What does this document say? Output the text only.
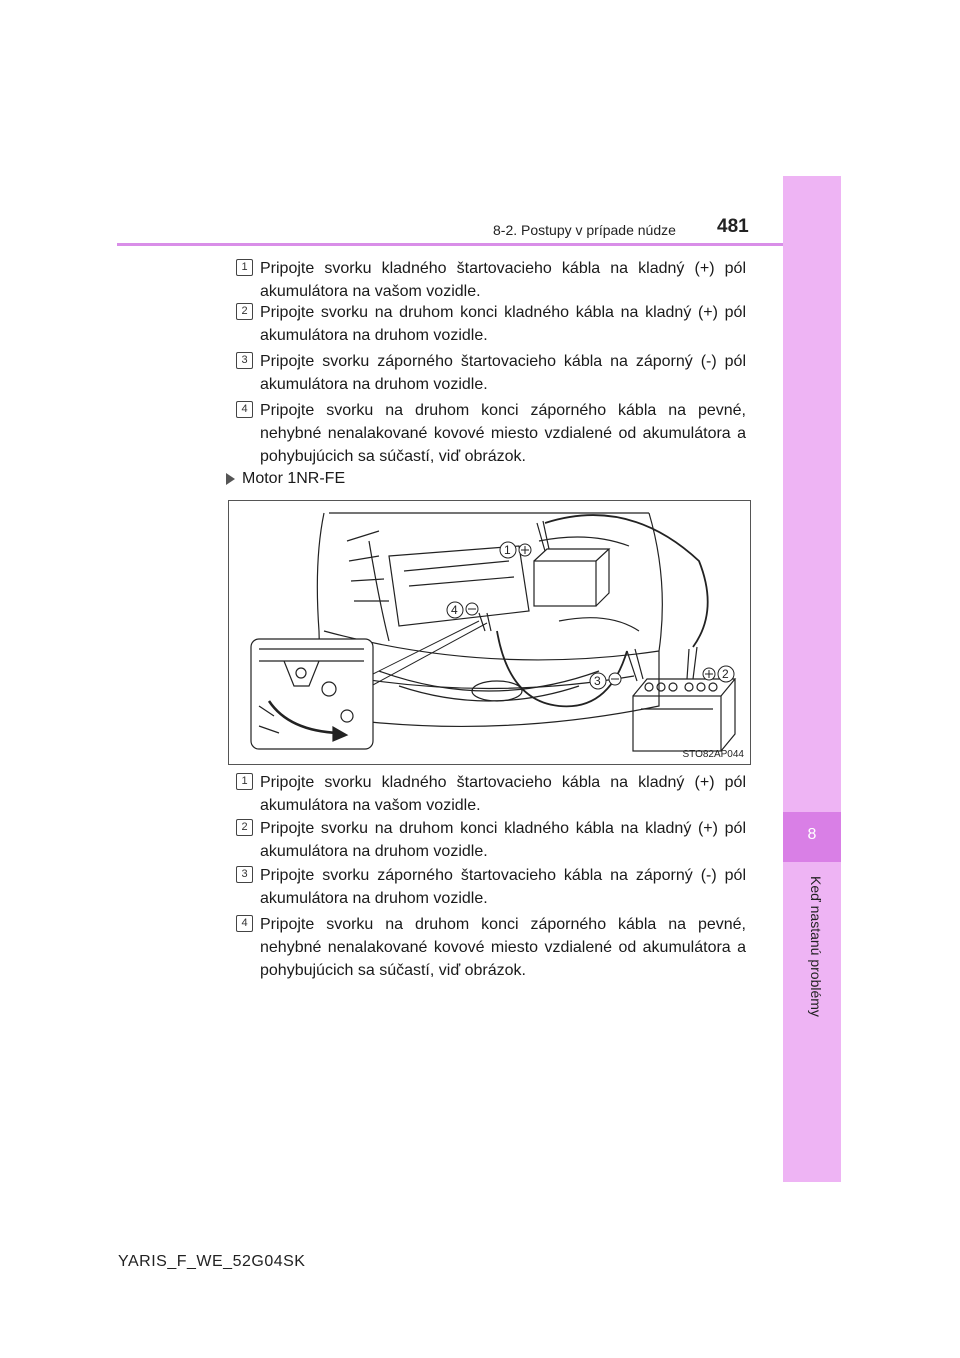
8
Keď nastanú problémy
8-2. Postupy v prípade núdze 481
1 Pripojte svorku kladného štartovacieho kábla na kladný (+) pól akumulátora na vašom vozidle.
2 Pripojte svorku na druhom konci kladného kábla na kladný (+) pól akumulátora na druhom vozidle.
3 Pripojte svorku záporného štartovacieho kábla na záporný (-) pól akumulátora na druhom vozidle.
4 Pripojte svorku na druhom konci záporného kábla na pevné, nehybné nenalakované kovové miesto vzdialené od akumulátora a pohybujúcich sa súčastí, viď obrázok.
Motor 1NR-FE
1
2
3
4
STO82AP044
1 Pripojte svorku kladného štartovacieho kábla na kladný (+) pól akumulátora na vašom vozidle.
2 Pripojte svorku na druhom konci kladného kábla na kladný (+) pól akumulátora na druhom vozidle.
3 Pripojte svorku záporného štartovacieho kábla na záporný (-) pól akumulátora na druhom vozidle.
4 Pripojte svorku na druhom konci záporného kábla na pevné, nehybné nenalakované kovové miesto vzdialené od akumulátora a pohybujúcich sa súčastí, viď obrázok.
YARIS_F_WE_52G04SK
